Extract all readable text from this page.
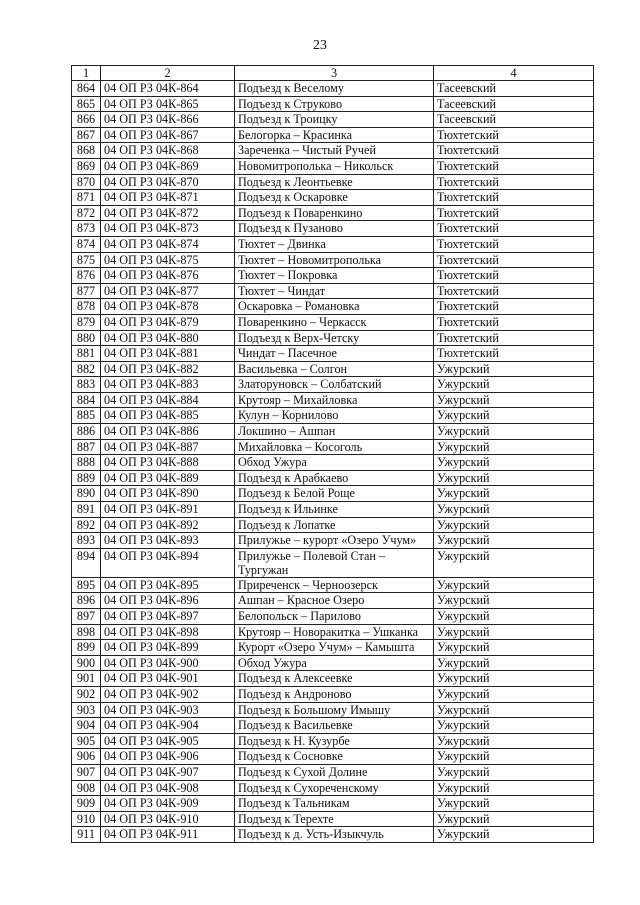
23
1	2	3	4
864	04 ОП РЗ 04К-864	Подъезд к Веселому	Тасеевский
865	04 ОП РЗ 04К-865	Подъезд к Струково	Тасеевский
866	04 ОП РЗ 04К-866	Подъезд к Троицку	Тасеевский
867	04 ОП РЗ 04К-867	Белогорка – Красинка	Тюхтетский
868	04 ОП РЗ 04К-868	Зареченка – Чистый Ручей	Тюхтетский
869	04 ОП РЗ 04К-869	Новомитрополька – Никольск	Тюхтетский
870	04 ОП РЗ 04К-870	Подъезд к Леонтьевке	Тюхтетский
871	04 ОП РЗ 04К-871	Подъезд к Оскаровке	Тюхтетский
872	04 ОП РЗ 04К-872	Подъезд к Поваренкино	Тюхтетский
873	04 ОП РЗ 04К-873	Подъезд к Пузаново	Тюхтетский
874	04 ОП РЗ 04К-874	Тюхтет – Двинка	Тюхтетский
875	04 ОП РЗ 04К-875	Тюхтет – Новомитрополька	Тюхтетский
876	04 ОП РЗ 04К-876	Тюхтет – Покровка	Тюхтетский
877	04 ОП РЗ 04К-877	Тюхтет – Чиндат	Тюхтетский
878	04 ОП РЗ 04К-878	Оскаровка – Романовка	Тюхтетский
879	04 ОП РЗ 04К-879	Поваренкино – Черкасск	Тюхтетский
880	04 ОП РЗ 04К-880	Подъезд к Верх-Четску	Тюхтетский
881	04 ОП РЗ 04К-881	Чиндат – Пасечное	Тюхтетский
882	04 ОП РЗ 04К-882	Васильевка – Солгон	Ужурский
883	04 ОП РЗ 04К-883	Златоруновск – Солбатский	Ужурский
884	04 ОП РЗ 04К-884	Крутояр – Михайловка	Ужурский
885	04 ОП РЗ 04К-885	Кулун – Корнилово	Ужурский
886	04 ОП РЗ 04К-886	Локшино – Ашпан	Ужурский
887	04 ОП РЗ 04К-887	Михайловка – Косоголь	Ужурский
888	04 ОП РЗ 04К-888	Обход Ужура	Ужурский
889	04 ОП РЗ 04К-889	Подъезд к Арабкаево	Ужурский
890	04 ОП РЗ 04К-890	Подъезд к Белой Роще	Ужурский
891	04 ОП РЗ 04К-891	Подъезд к Ильинке	Ужурский
892	04 ОП РЗ 04К-892	Подъезд к Лопатке	Ужурский
893	04 ОП РЗ 04К-893	Прилужье – курорт «Озеро Учум»	Ужурский
894	04 ОП РЗ 04К-894	Прилужье – Полевой Стан – Тургужан	Ужурский
895	04 ОП РЗ 04К-895	Приреченск – Черноозерск	Ужурский
896	04 ОП РЗ 04К-896	Ашпан – Красное Озеро	Ужурский
897	04 ОП РЗ 04К-897	Белопольск – Парилово	Ужурский
898	04 ОП РЗ 04К-898	Крутояр – Новоракитка – Ушканка	Ужурский
899	04 ОП РЗ 04К-899	Курорт «Озеро Учум» – Камышта	Ужурский
900	04 ОП РЗ 04К-900	Обход Ужура	Ужурский
901	04 ОП РЗ 04К-901	Подъезд к Алексеевке	Ужурский
902	04 ОП РЗ 04К-902	Подъезд к Андроново	Ужурский
903	04 ОП РЗ 04К-903	Подъезд к Большому Имышу	Ужурский
904	04 ОП РЗ 04К-904	Подъезд к Васильевке	Ужурский
905	04 ОП РЗ 04К-905	Подъезд к Н. Кузурбе	Ужурский
906	04 ОП РЗ 04К-906	Подъезд к Сосновке	Ужурский
907	04 ОП РЗ 04К-907	Подъезд к Сухой Долине	Ужурский
908	04 ОП РЗ 04К-908	Подъезд к Сухореченскому	Ужурский
909	04 ОП РЗ 04К-909	Подъезд к Тальникам	Ужурский
910	04 ОП РЗ 04К-910	Подъезд к Терехте	Ужурский
911	04 ОП РЗ 04К-911	Подъезд к д. Усть-Изыкчуль	Ужурский
